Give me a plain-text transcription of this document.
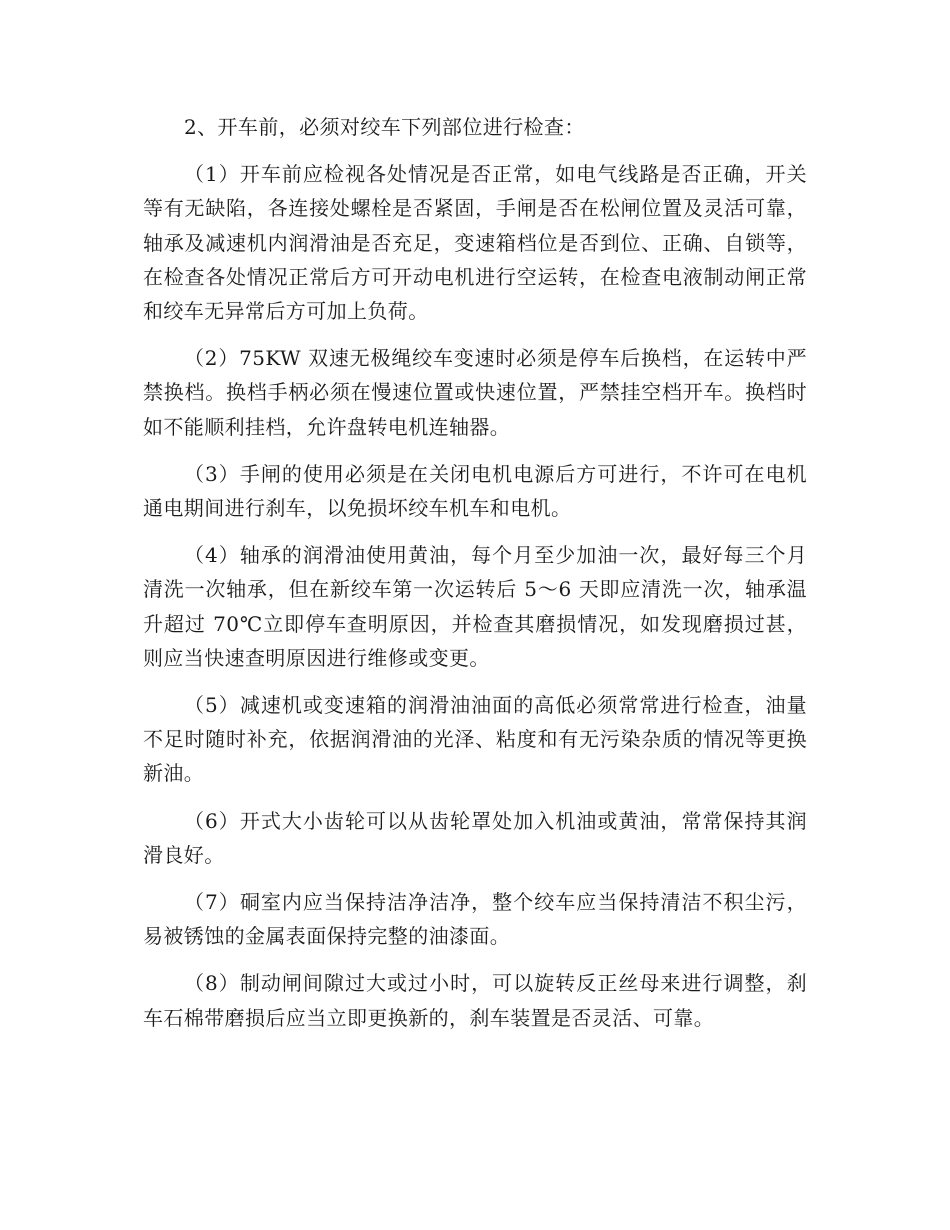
2、开车前，必须对绞车下列部位进行检查：

（1）开车前应检视各处情况是否正常，如电气线路是否正确，开关等有无缺陷，各连接处螺栓是否紧固，手闸是否在松闸位置及灵活可靠，轴承及减速机内润滑油是否充足，变速箱档位是否到位、正确、自锁等，在检查各处情况正常后方可开动电机进行空运转，在检查电液制动闸正常和绞车无异常后方可加上负荷。

（2）75KW 双速无极绳绞车变速时必须是停车后换档，在运转中严禁换档。换档手柄必须在慢速位置或快速位置，严禁挂空档开车。换档时如不能顺利挂档，允许盘转电机连轴器。

（3）手闸的使用必须是在关闭电机电源后方可进行，不许可在电机通电期间进行刹车，以免损坏绞车机车和电机。

（4）轴承的润滑油使用黄油，每个月至少加油一次，最好每三个月清洗一次轴承，但在新绞车第一次运转后 5～6 天即应清洗一次，轴承温升超过 70℃立即停车查明原因，并检查其磨损情况，如发现磨损过甚，则应当快速查明原因进行维修或变更。

（5）减速机或变速箱的润滑油油面的高低必须常常进行检查，油量不足时随时补充，依据润滑油的光泽、粘度和有无污染杂质的情况等更换新油。

（6）开式大小齿轮可以从齿轮罩处加入机油或黄油，常常保持其润滑良好。

（7）硐室内应当保持洁净洁净，整个绞车应当保持清洁不积尘污，易被锈蚀的金属表面保持完整的油漆面。

（8）制动闸间隙过大或过小时，可以旋转反正丝母来进行调整，刹车石棉带磨损后应当立即更换新的，刹车装置是否灵活、可靠。
